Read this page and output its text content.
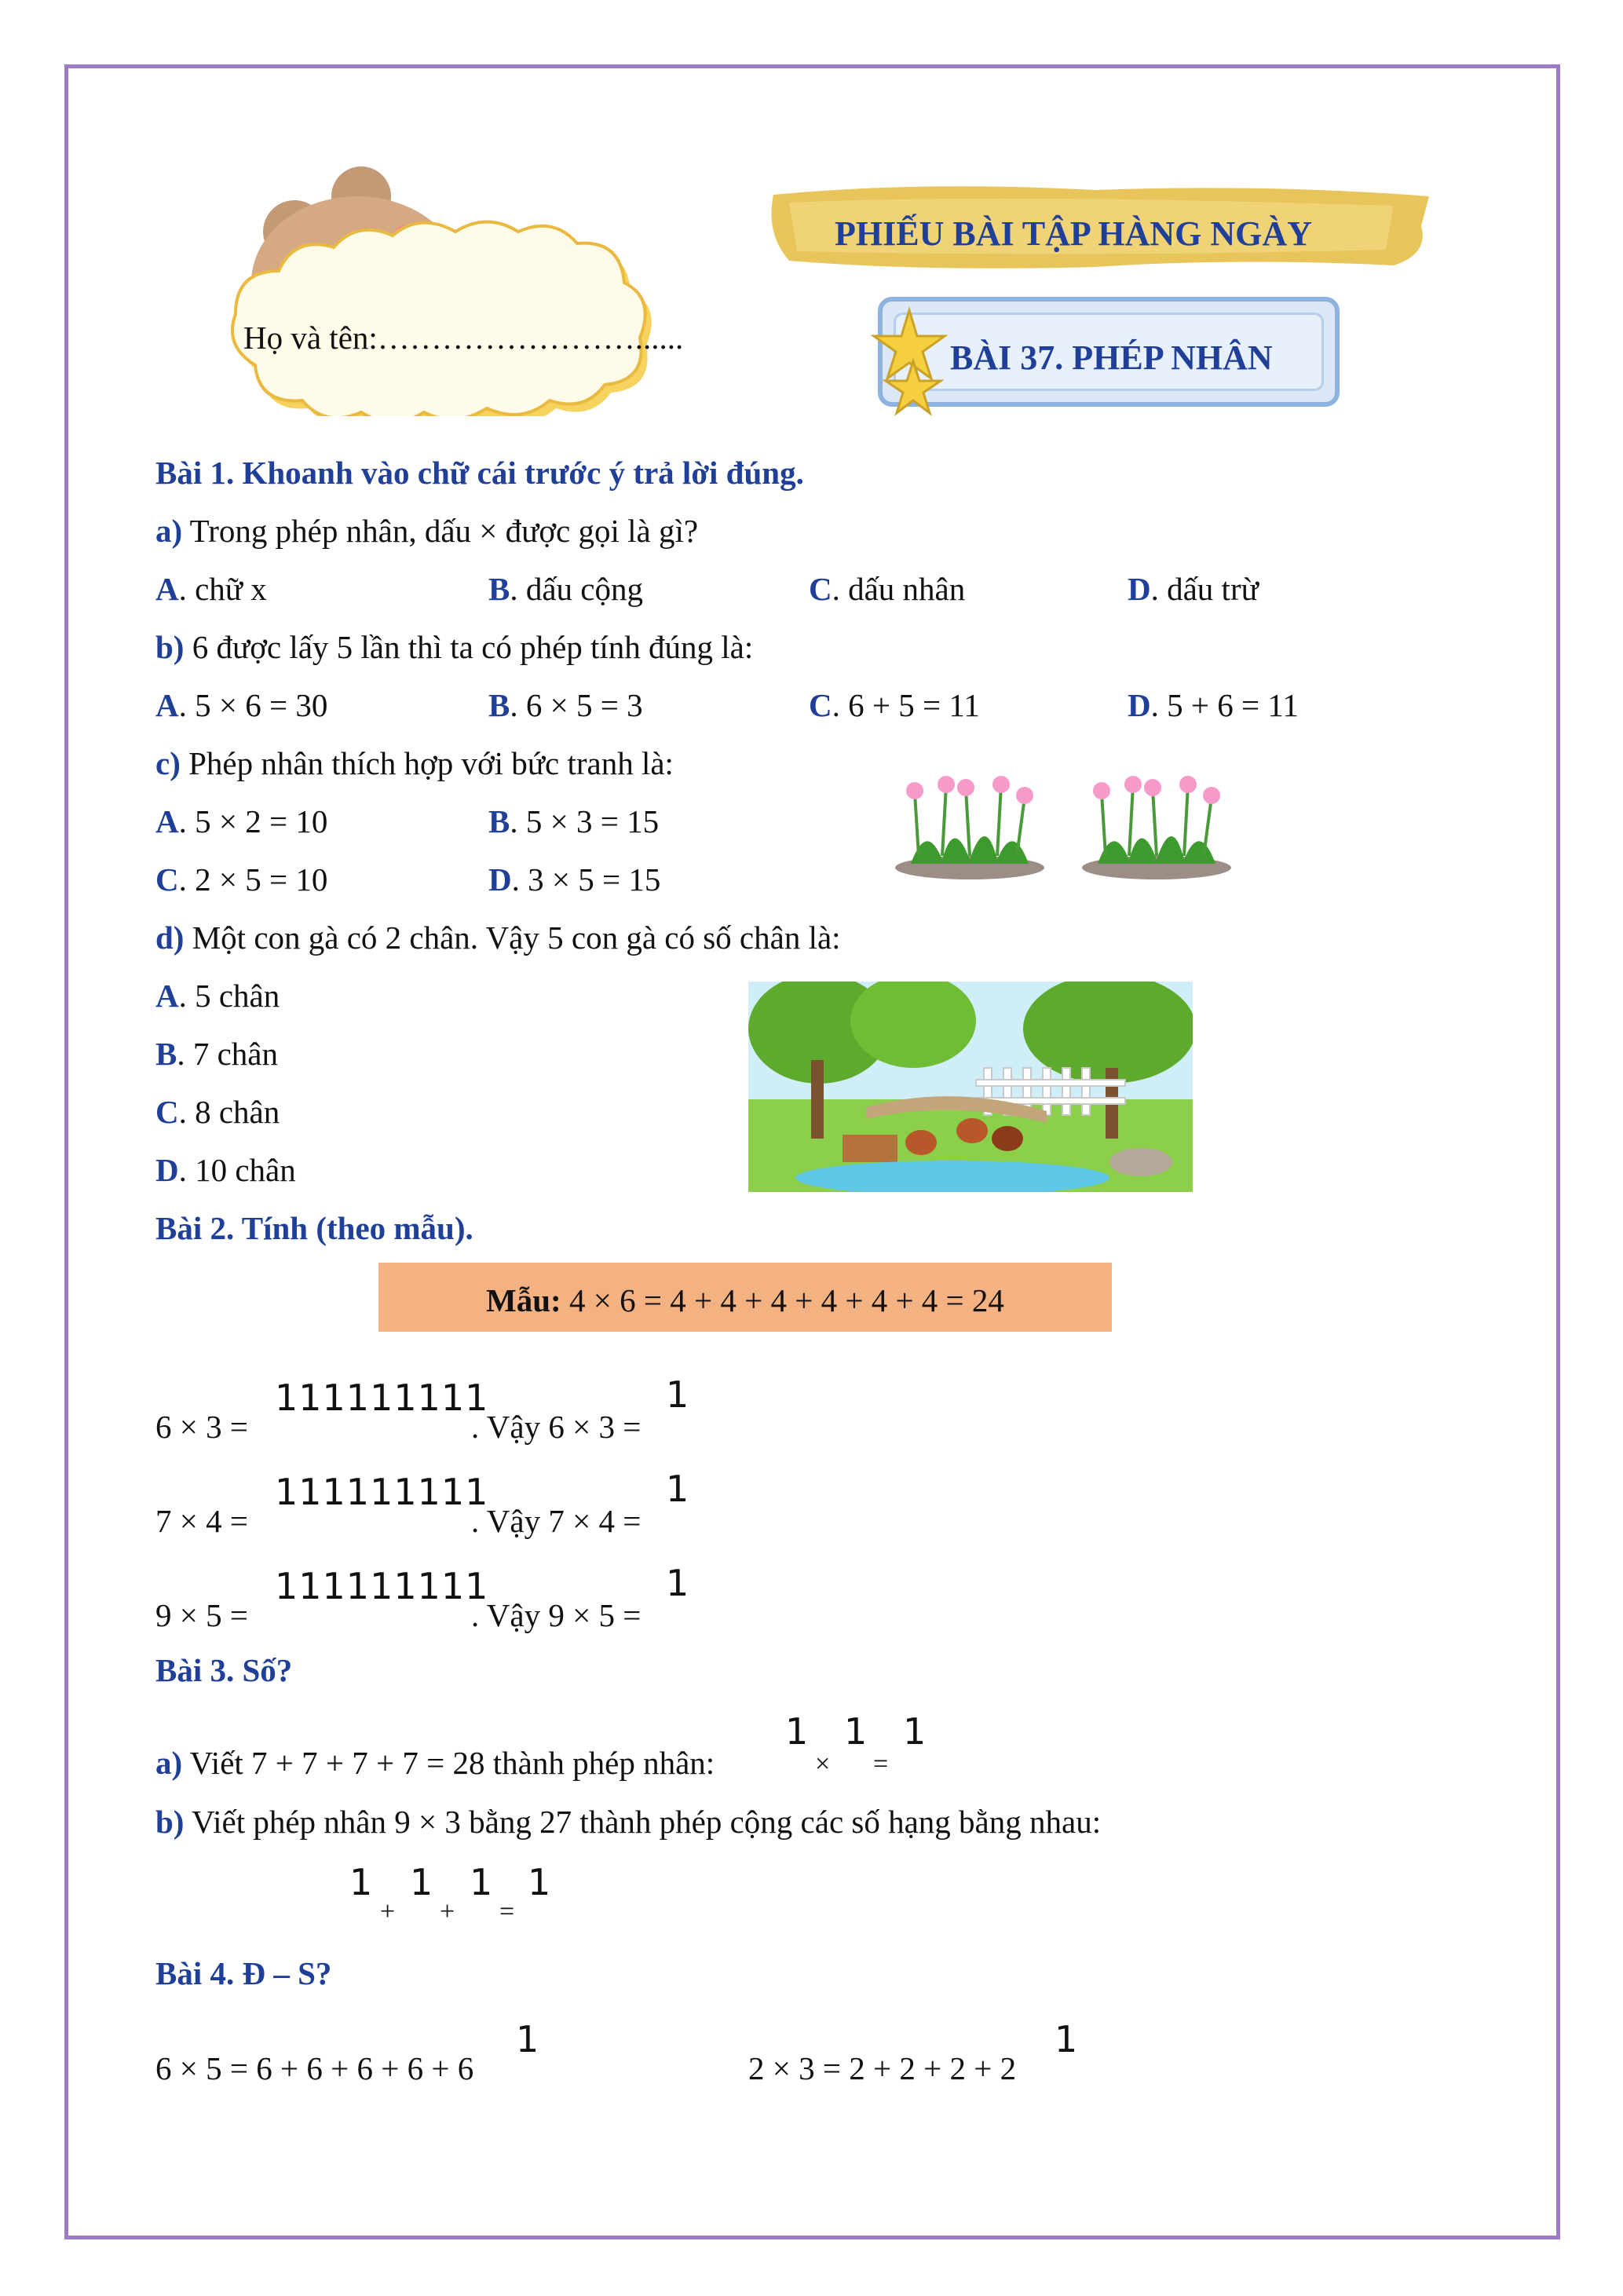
Họ và tên:……………………......
PHIẾU BÀI TẬP HÀNG NGÀY
BÀI 37. PHÉP NHÂN
Bài 1. Khoanh vào chữ cái trước ý trả lời đúng.
a) Trong phép nhân, dấu × được gọi là gì?
A. chữ x	B. dấu cộng	C. dấu nhân	D. dấu trừ
b) 6 được lấy 5 lần thì ta có phép tính đúng là:
A. 5 × 6 = 30	B. 6 × 5 = 3	C. 6 + 5 = 11	D. 5 + 6 = 11
c) Phép nhân thích hợp với bức tranh là:
A. 5 × 2 = 10	B. 5 × 3 = 15
C. 2 × 5 = 10	D. 3 × 5 = 15
d) Một con gà có 2 chân. Vậy 5 con gà có số chân là:
A. 5 chân
B. 7 chân
C. 8 chân
D. 10 chân
Bài 2. Tính (theo mẫu).
Mẫu: 4 × 6 = 4 + 4 + 4 + 4 + 4 + 4 = 24
6 × 3 =
111111111
. Vậy 6 × 3 =
1
7 × 4 =
111111111
. Vậy 7 × 4 =
1
9 × 5 =
111111111
. Vậy 9 × 5 =
1
Bài 3. Số?
a) Viết 7 + 7 + 7 + 7 = 28 thành phép nhân:
1
×
1
=
1
b) Viết phép nhân 9 × 3 bằng 27 thành phép cộng các số hạng bằng nhau:
1
+
1
+
1
=
1
Bài 4. Đ – S?
6 × 5 = 6 + 6 + 6 + 6 + 6
1
2 × 3 = 2 + 2 + 2 + 2
1
